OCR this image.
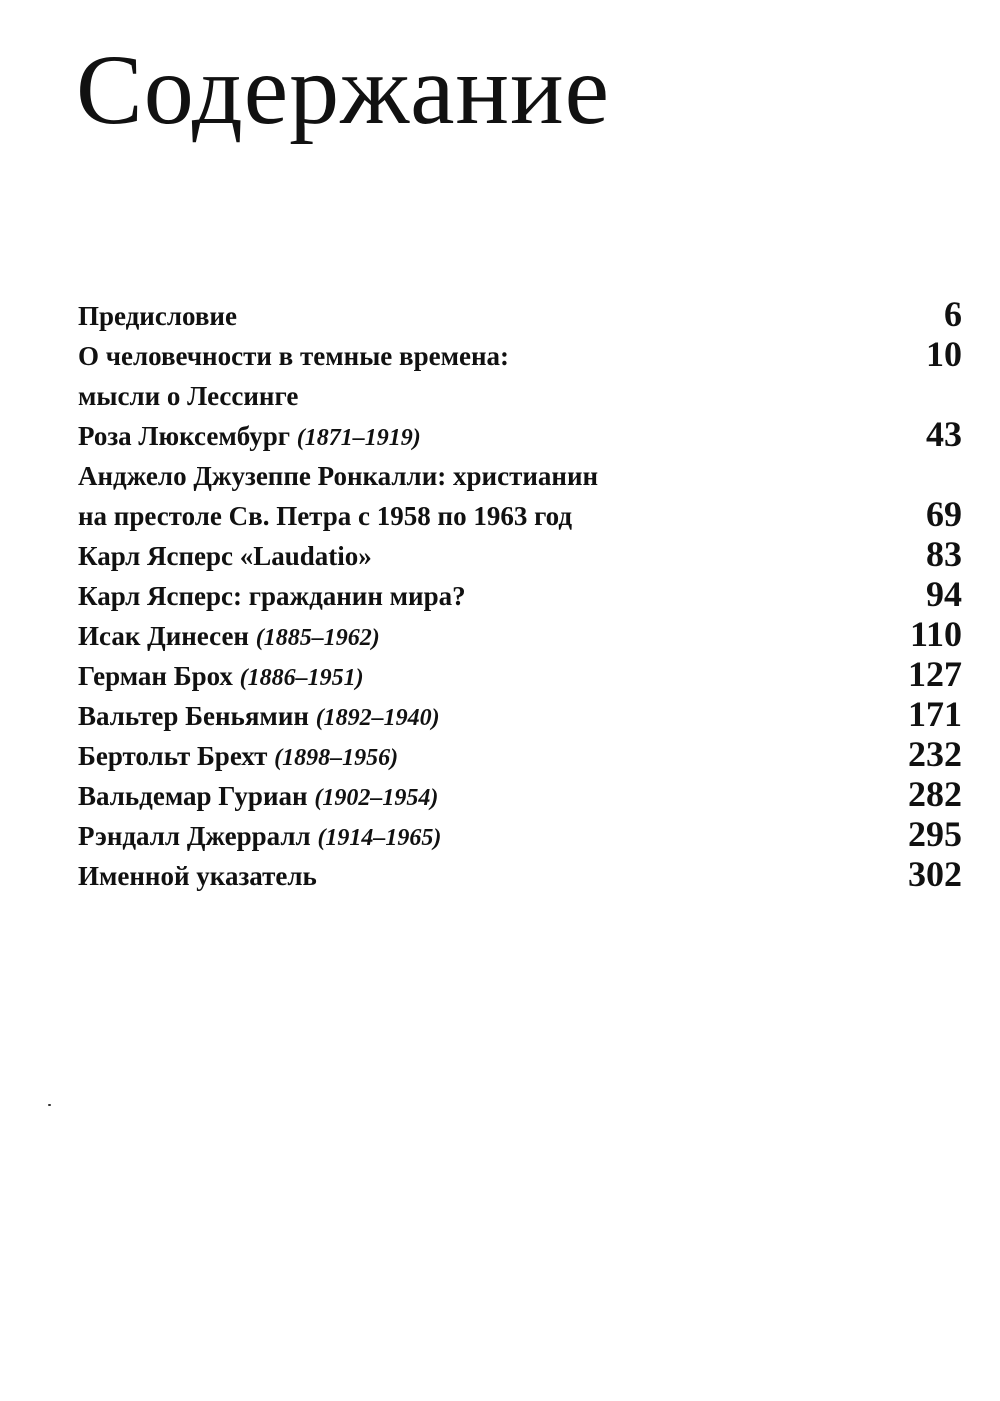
Содержание
Предисловие	6
О человечности в темные времена:	10
мысли о Лессинге
Роза Люксембург (1871–1919)	43
Анджело Джузеппе Ронкалли: христианин
на престоле Св. Петра с 1958 по 1963 год	69
Карл Ясперс «Laudatio»	83
Карл Ясперс: гражданин мира?	94
Исак Динесен (1885–1962)	110
Герман Брох (1886–1951)	127
Вальтер Беньямин (1892–1940)	171
Бертольт Брехт (1898–1956)	232
Вальдемар Гуриан (1902–1954)	282
Рэндалл Джерралл (1914–1965)	295
Именной указатель	302
